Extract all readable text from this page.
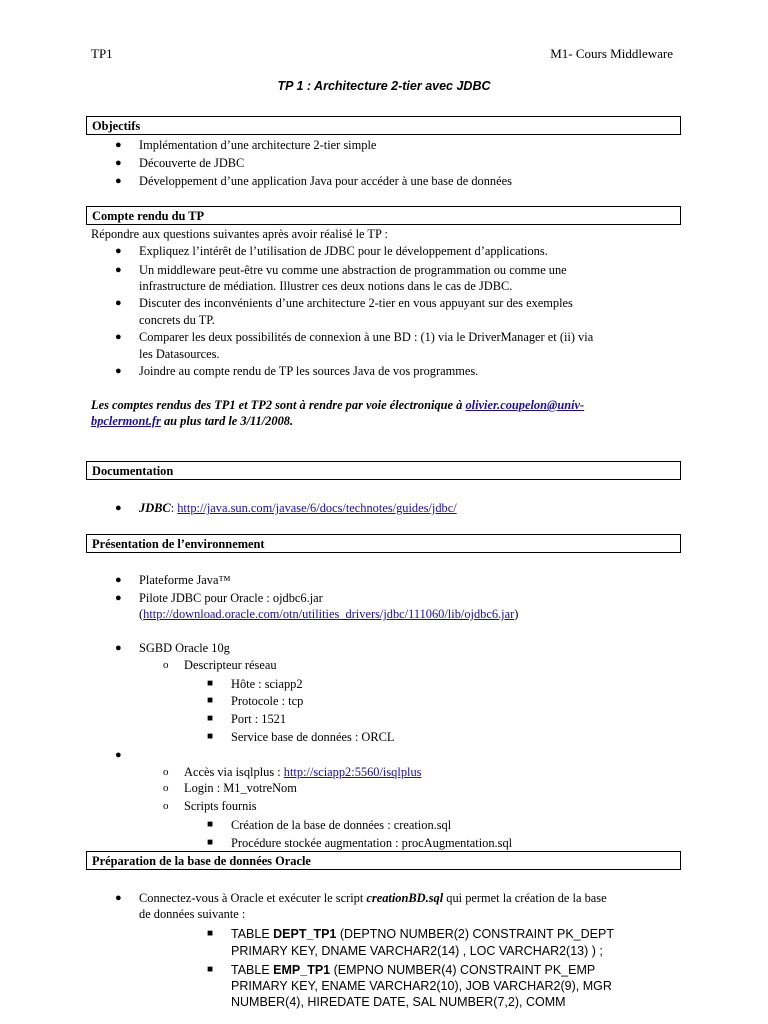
TP1	M1- Cours Middleware
TP 1 : Architecture 2-tier avec JDBC
Objectifs
● Implémentation d’une architecture 2-tier simple
● Découverte de JDBC
● Développement d’une application Java pour accéder à une base de données
Compte rendu du TP
Répondre aux questions suivantes après avoir réalisé le TP :
● Expliquez l’intérêt de l’utilisation de JDBC pour le développement d’applications.
● Un middleware peut-être vu comme une abstraction de programmation ou comme une
infrastructure de médiation. Illustrer ces deux notions dans le cas de JDBC.
● Discuter des inconvénients d’une architecture 2-tier en vous appuyant sur des exemples
concrets du TP.
● Comparer les deux possibilités de connexion à une BD : (1) via le DriverManager et (ii) via
les Datasources.
● Joindre au compte rendu de TP les sources Java de vos programmes.
Les comptes rendus des TP1 et TP2 sont à rendre par voie électronique à olivier.coupelon@univ-
bpclermont.fr au plus tard le 3/11/2008.
Documentation
● JDBC: http://java.sun.com/javase/6/docs/technotes/guides/jdbc/
Présentation de l’environnement
● Plateforme Java™
● Pilote JDBC pour Oracle : ojdbc6.jar
(http://download.oracle.com/otn/utilities_drivers/jdbc/111060/lib/ojdbc6.jar)
● SGBD Oracle 10g
o Descripteur réseau
■ Hôte : sciapp2
■ Protocole : tcp
■ Port : 1521
■ Service base de données : ORCL
●
o Accès via isqlplus : http://sciapp2:5560/isqlplus
o Login : M1_votreNom
o Scripts fournis
■ Création de la base de données : creation.sql
■ Procédure stockée augmentation : procAugmentation.sql
Préparation de la base de données Oracle
● Connectez-vous à Oracle et exécuter le script creationBD.sql qui permet la création de la base
de données suivante :
■ TABLE DEPT_TP1 (DEPTNO NUMBER(2) CONSTRAINT PK_DEPT
PRIMARY KEY, DNAME VARCHAR2(14) , LOC VARCHAR2(13) ) ;
■ TABLE EMP_TP1 (EMPNO NUMBER(4) CONSTRAINT PK_EMP
PRIMARY KEY, ENAME VARCHAR2(10), JOB VARCHAR2(9), MGR
NUMBER(4), HIREDATE DATE, SAL NUMBER(7,2), COMM
